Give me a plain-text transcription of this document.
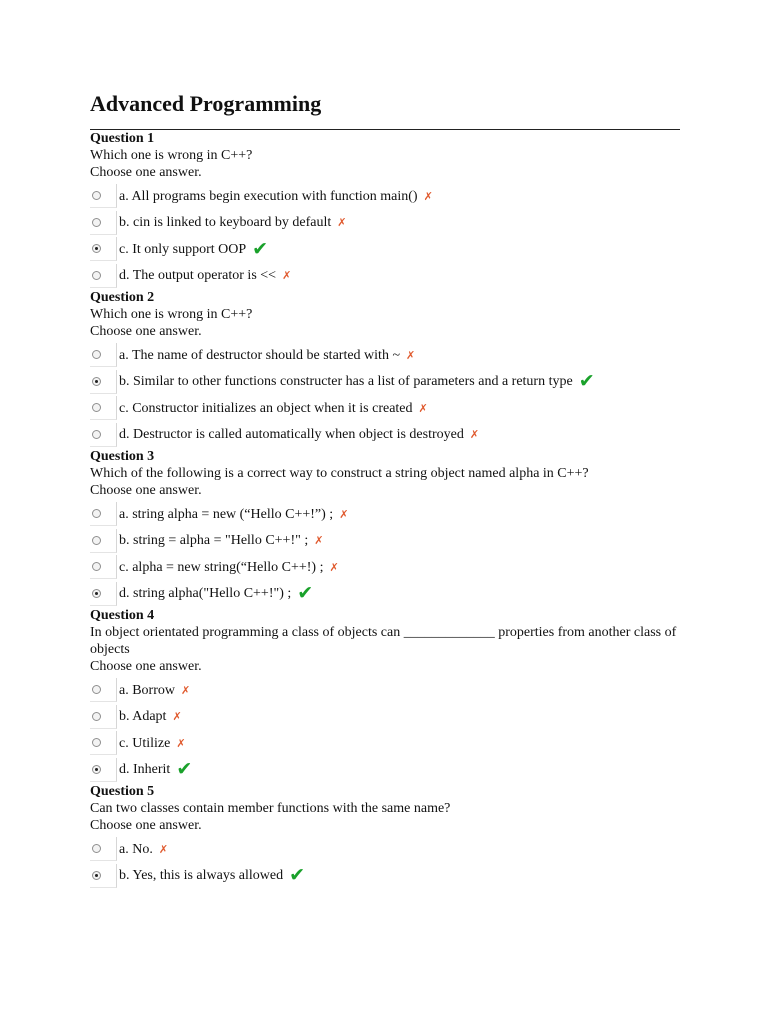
Advanced Programming
Question 1
Which one is wrong in C++?
Choose one answer.
a. All programs begin execution with function main() ✗
b. cin is linked to keyboard by default ✗
c. It only support OOP ✔
d. The output operator is << ✗
Question 2
Which one is wrong in C++?
Choose one answer.
a. The name of destructor should be started with ~ ✗
b. Similar to other functions constructer has a list of parameters and a return type ✔
c. Constructor initializes an object when it is created ✗
d. Destructor is called automatically when object is destroyed ✗
Question 3
Which of the following is a correct way to construct a string object named alpha in C++?
Choose one answer.
a. string alpha = new (“Hello C++!”) ; ✗
b. string = alpha = "Hello C++!" ; ✗
c. alpha = new string(“Hello C++!) ; ✗
d. string alpha("Hello C++!") ; ✔
Question 4
In object orientated programming a class of objects can _____________ properties from another class of objects
Choose one answer.
a. Borrow ✗
b. Adapt ✗
c. Utilize ✗
d. Inherit ✔
Question 5
Can two classes contain member functions with the same name?
Choose one answer.
a. No. ✗
b. Yes, this is always allowed ✔
